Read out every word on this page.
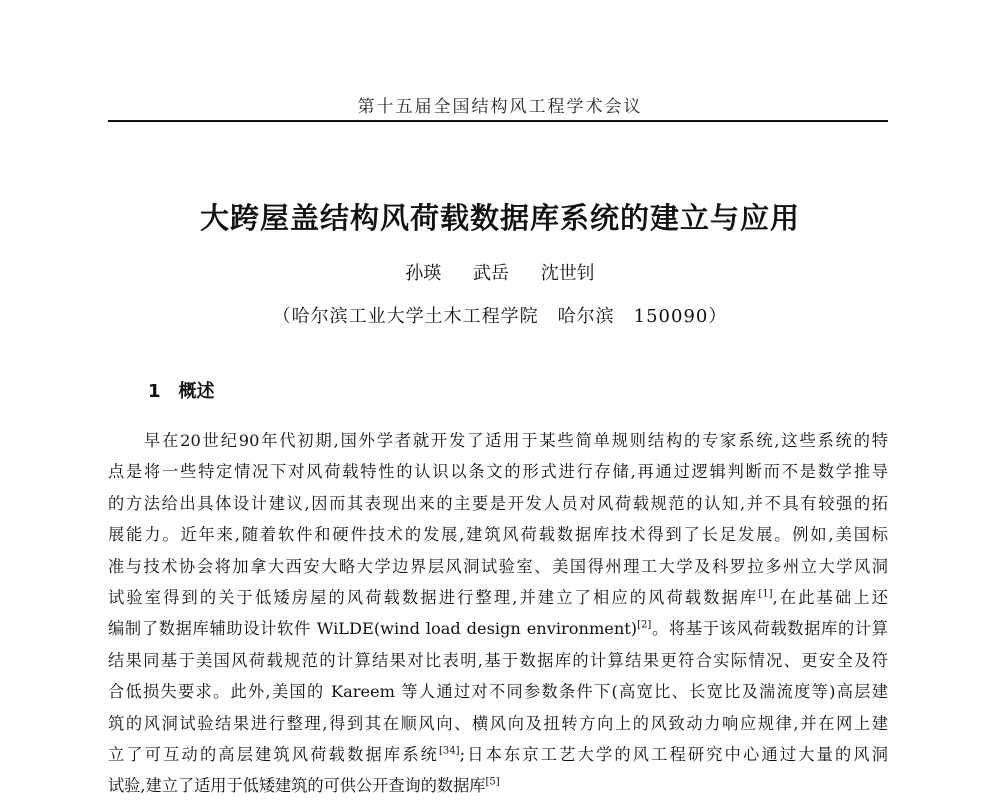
第十五届全国结构风工程学术会议
大跨屋盖结构风荷载数据库系统的建立与应用
孙瑛 武岳 沈世钊
（哈尔滨工业大学土木工程学院　哈尔滨　150090）
1 概述
早在20世纪90年代初期,国外学者就开发了适用于某些简单规则结构的专家系统,这些系统的特
点是将一些特定情况下对风荷载特性的认识以条文的形式进行存储,再通过逻辑判断而不是数学推导
的方法给出具体设计建议,因而其表现出来的主要是开发人员对风荷载规范的认知,并不具有较强的拓
展能力。近年来,随着软件和硬件技术的发展,建筑风荷载数据库技术得到了长足发展。例如,美国标
准与技术协会将加拿大西安大略大学边界层风洞试验室、美国得州理工大学及科罗拉多州立大学风洞
试验室得到的关于低矮房屋的风荷载数据进行整理,并建立了相应的风荷载数据库[1],在此基础上还
编制了数据库辅助设计软件 WiLDE(wind load design environment)[2]。将基于该风荷载数据库的计算
结果同基于美国风荷载规范的计算结果对比表明,基于数据库的计算结果更符合实际情况、更安全及符
合低损失要求。此外,美国的 Kareem 等人通过对不同参数条件下(高宽比、长宽比及湍流度等)高层建
筑的风洞试验结果进行整理,得到其在顺风向、横风向及扭转方向上的风致动力响应规律,并在网上建
立了可互动的高层建筑风荷载数据库系统[34];日本东京工艺大学的风工程研究中心通过大量的风洞
试验,建立了适用于低矮建筑的可供公开查询的数据库[5]
